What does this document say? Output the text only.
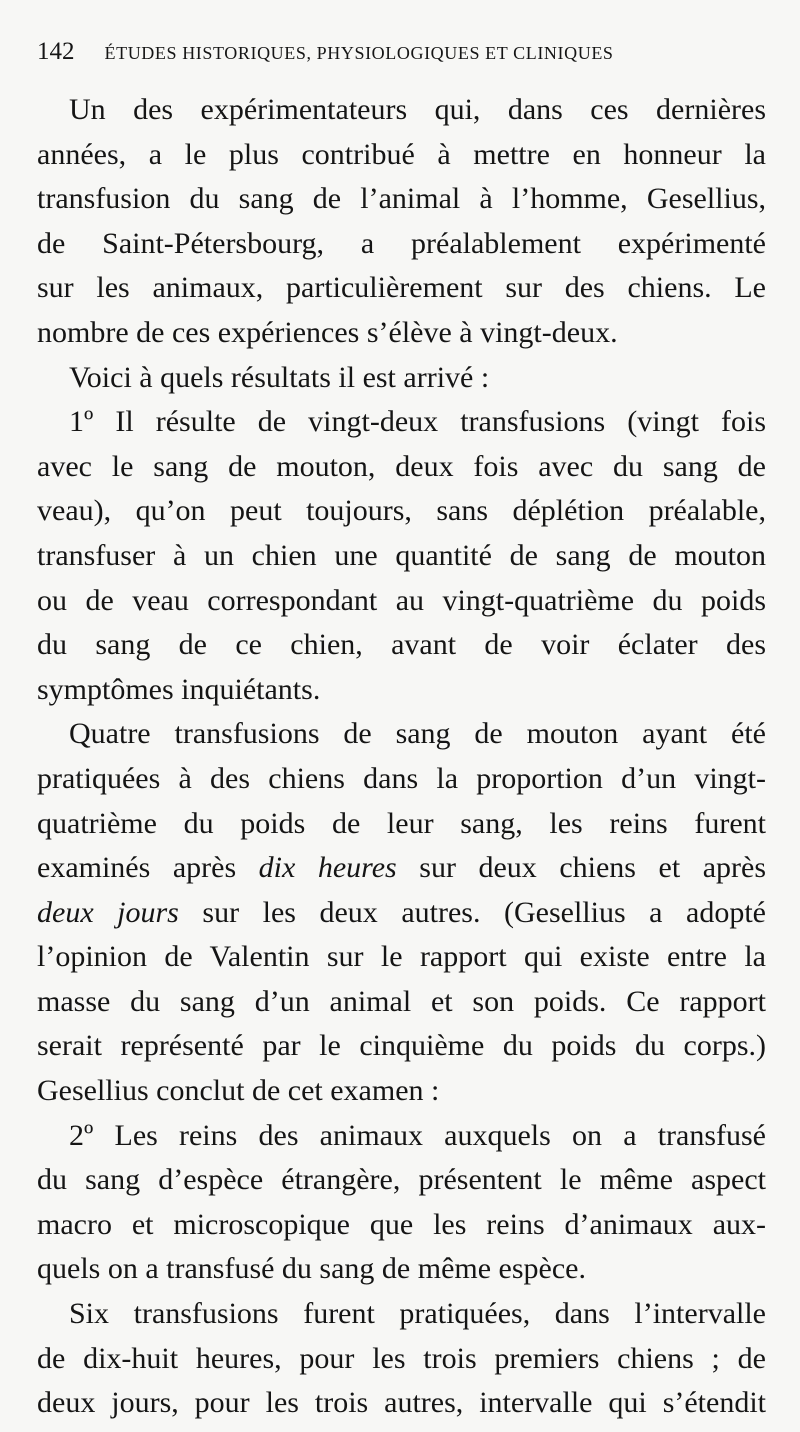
142 ÉTUDES HISTORIQUES, PHYSIOLOGIQUES ET CLINIQUES
Un des expérimentateurs qui, dans ces dernières
années, a le plus contribué à mettre en honneur la
transfusion du sang de l’animal à l’homme, Gesellius,
de Saint-Pétersbourg, a préalablement expérimenté
sur les animaux, particulièrement sur des chiens. Le
nombre de ces expériences s’élève à vingt-deux.
Voici à quels résultats il est arrivé :
1º Il résulte de vingt-deux transfusions (vingt fois
avec le sang de mouton, deux fois avec du sang de
veau), qu’on peut toujours, sans déplétion préalable,
transfuser à un chien une quantité de sang de mouton
ou de veau correspondant au vingt-quatrième du poids
du sang de ce chien, avant de voir éclater des
symptômes inquiétants.
Quatre transfusions de sang de mouton ayant été
pratiquées à des chiens dans la proportion d’un vingt-
quatrième du poids de leur sang, les reins furent
examinés après dix heures sur deux chiens et après
deux jours sur les deux autres. (Gesellius a adopté
l’opinion de Valentin sur le rapport qui existe entre la
masse du sang d’un animal et son poids. Ce rapport
serait représenté par le cinquième du poids du corps.)
Gesellius conclut de cet examen :
2º Les reins des animaux auxquels on a transfusé
du sang d’espèce étrangère, présentent le même aspect
macro et microscopique que les reins d’animaux aux-
quels on a transfusé du sang de même espèce.
Six transfusions furent pratiquées, dans l’intervalle
de dix-huit heures, pour les trois premiers chiens ; de
deux jours, pour les trois autres, intervalle qui s’étendit
